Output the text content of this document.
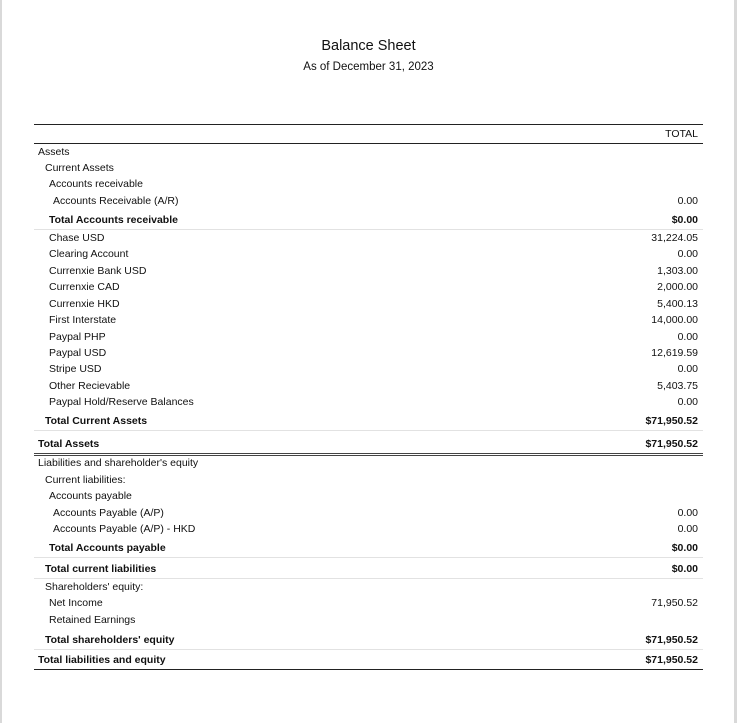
Balance Sheet
As of December 31, 2023
TOTAL
Assets
Current Assets
Accounts receivable
Accounts Receivable (A/R)	0.00
Total Accounts receivable	$0.00
Chase USD	31,224.05
Clearing Account	0.00
Currenxie Bank USD	1,303.00
Currenxie CAD	2,000.00
Currenxie HKD	5,400.13
First Interstate	14,000.00
Paypal PHP	0.00
Paypal USD	12,619.59
Stripe USD	0.00
Other Recievable	5,403.75
Paypal Hold/Reserve Balances	0.00
Total Current Assets	$71,950.52
Total Assets	$71,950.52
Liabilities and shareholder's equity
Current liabilities:
Accounts payable
Accounts Payable (A/P)	0.00
Accounts Payable (A/P) - HKD	0.00
Total Accounts payable	$0.00
Total current liabilities	$0.00
Shareholders' equity:
Net Income	71,950.52
Retained Earnings
Total shareholders' equity	$71,950.52
Total liabilities and equity	$71,950.52
